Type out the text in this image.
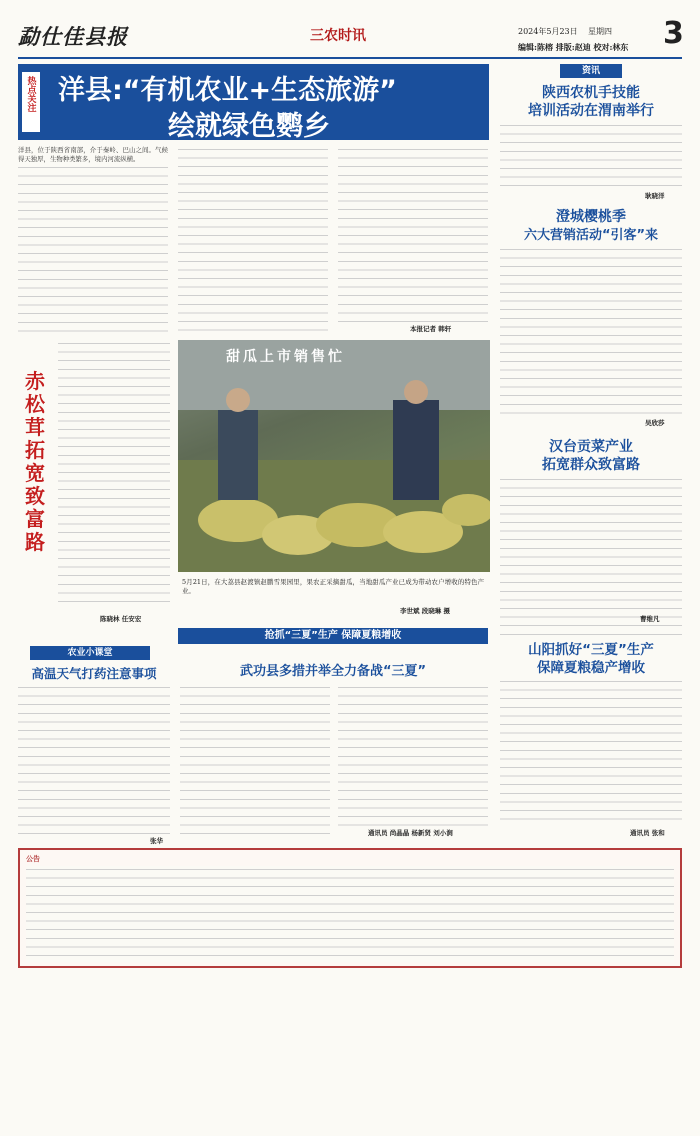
勐仕佳县报	三农时讯	2024年5月23日 星期四
编辑:陈榕 排版:赵迪 校对:林东 3
热点关注 洋县:“有机农业+生态旅游”
绘就绿色鹦乡
洋县，位于陕西省南部，介于秦岭、巴山之间。气候得天独厚，生物种类繁多，境内河流纵横。
本报记者 韩轩
资讯
陕西农机手技能
培训活动在渭南举行
耿晓洋
澄城樱桃季
六大营销活动“引客”来
吴欣莎
汉台贡菜产业
拓宽群众致富路
曹维凡
赤
松
茸
拓
宽
致
富
路
陈晓林 任安宏
甜瓜上市销售忙
5月21日，在大荔县赵渡镇赵鹏雪果园里，果农正采摘甜瓜，当地甜瓜产业已成为带动农户增收的特色产业。
李世斌 段晓琳 摄
抢抓“三夏”生产 保障夏粮增收
农业小课堂
高温天气打药注意事项
张华
武功县多措并举全力备战“三夏”
通讯员 尚晶晶 杨新贤 刘小涧
山阳抓好“三夏”生产
保障夏粮稳产增收
通讯员 张和
公告
